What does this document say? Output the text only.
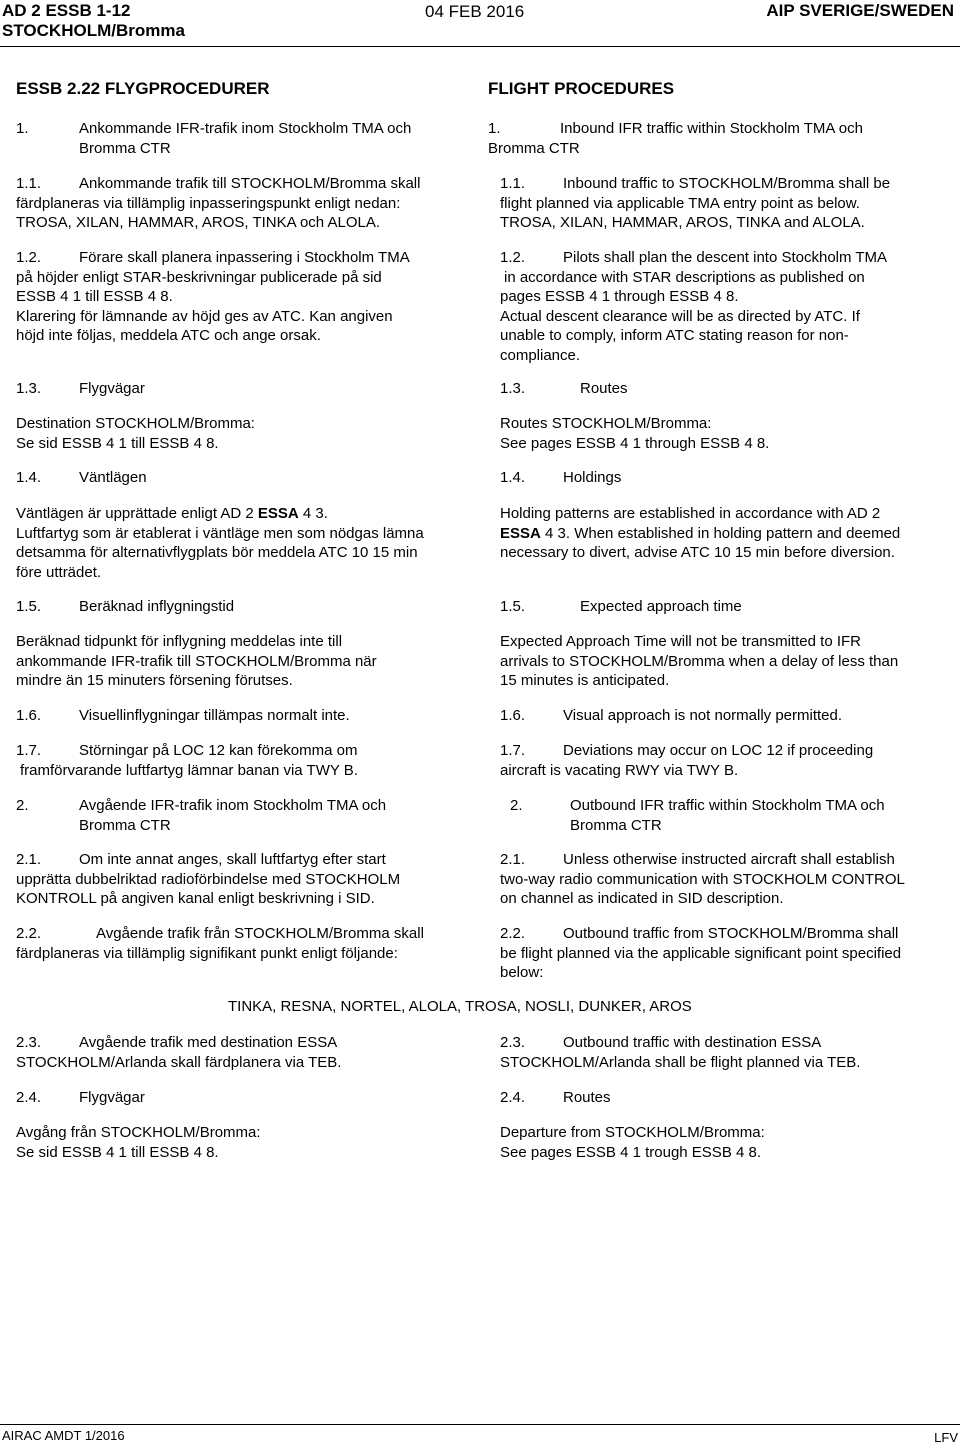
AD 2 ESSB 1-12
STOCKHOLM/Bromma
04 FEB 2016	AIP SVERIGE/SWEDEN
ESSB 2.22 FLYGPROCEDURER

1.	Ankommande IFR-trafik inom Stockholm TMA och

Bromma CTR

1.1.	Ankommande trafik till STOCKHOLM/Bromma skall

färdplaneras via tillämplig inpasseringspunkt enligt nedan:

TROSA, XILAN, HAMMAR, AROS, TINKA och ALOLA.

1.2.	Förare skall planera inpassering i Stockholm TMA

på höjder enligt STAR-beskrivningar publicerade på sid

ESSB 4 1 till ESSB 4 8.

Klarering för lämnande av höjd ges av ATC. Kan angiven

höjd inte följas, meddela ATC och ange orsak.

1.3.	Flygvägar

Destination STOCKHOLM/Bromma:

Se sid ESSB 4 1 till ESSB 4 8.

1.4.	Väntlägen

Väntlägen är upprättade enligt AD 2 ESSA 4 3.

Luftfartyg som är etablerat i väntläge men som nödgas lämna

detsamma för alternativflygplats bör meddela ATC 10 15 min

före utträdet.

1.5.	Beräknad inflygningstid

Beräknad tidpunkt för inflygning meddelas inte till

ankommande IFR-trafik till STOCKHOLM/Bromma när

mindre än 15 minuters försening förutses.

1.6.	Visuellinflygningar tillämpas normalt inte.

1.7.	Störningar på LOC 12 kan förekomma om

framförvarande luftfartyg lämnar banan via TWY B.

2.	Avgående IFR-trafik inom Stockholm TMA och

Bromma CTR

2.1.	Om inte annat anges, skall luftfartyg efter start

upprätta dubbelriktad radioförbindelse med STOCKHOLM

KONTROLL på angiven kanal enligt beskrivning i SID.

2.2.	Avgående trafik från STOCKHOLM/Bromma skall

färdplaneras via tillämplig signifikant punkt enligt följande:

2.3.	Avgående trafik med destination ESSA

STOCKHOLM/Arlanda skall färdplanera via TEB.

2.4.	Flygvägar

Avgång från STOCKHOLM/Bromma:

Se sid ESSB 4 1 till ESSB 4 8.

FLIGHT PROCEDURES

1.	Inbound IFR traffic within Stockholm TMA och

Bromma CTR

1.1.	Inbound traffic to STOCKHOLM/Bromma shall be

flight planned via applicable TMA entry point as below.

TROSA, XILAN, HAMMAR, AROS, TINKA and ALOLA.

1.2.	Pilots shall plan the descent into Stockholm TMA

in accordance with STAR descriptions as published on

pages ESSB 4 1 through ESSB 4 8.

Actual descent clearance will be as directed by ATC. If

unable to comply, inform ATC stating reason for non-

compliance.

1.3.	Routes

Routes STOCKHOLM/Bromma:

See pages ESSB 4 1 through ESSB 4 8.

1.4.	Holdings

Holding patterns are established in accordance with AD 2

ESSA 4 3. When established in holding pattern and deemed

necessary to divert, advise ATC 10 15 min before diversion.

1.5.	Expected approach time

Expected Approach Time will not be transmitted to IFR

arrivals to STOCKHOLM/Bromma when a delay of less than

15 minutes is anticipated.

1.6.	Visual approach is not normally permitted.

1.7.	Deviations may occur on LOC 12 if proceeding

aircraft is vacating RWY via TWY B.

2.	Outbound IFR traffic within Stockholm TMA och

Bromma CTR

2.1.	Unless otherwise instructed aircraft shall establish

two-way radio communication with STOCKHOLM CONTROL

on channel as indicated in SID description.

2.2.	Outbound traffic from STOCKHOLM/Bromma shall

be flight planned via the applicable significant point specified

below:

2.3.	Outbound traffic with destination ESSA

STOCKHOLM/Arlanda shall be flight planned via TEB.

2.4.	Routes

Departure from STOCKHOLM/Bromma:

See pages ESSB 4 1 trough ESSB 4 8.

TINKA, RESNA, NORTEL, ALOLA, TROSA, NOSLI, DUNKER, AROS
AIRAC AMDT 1/2016	LFV
